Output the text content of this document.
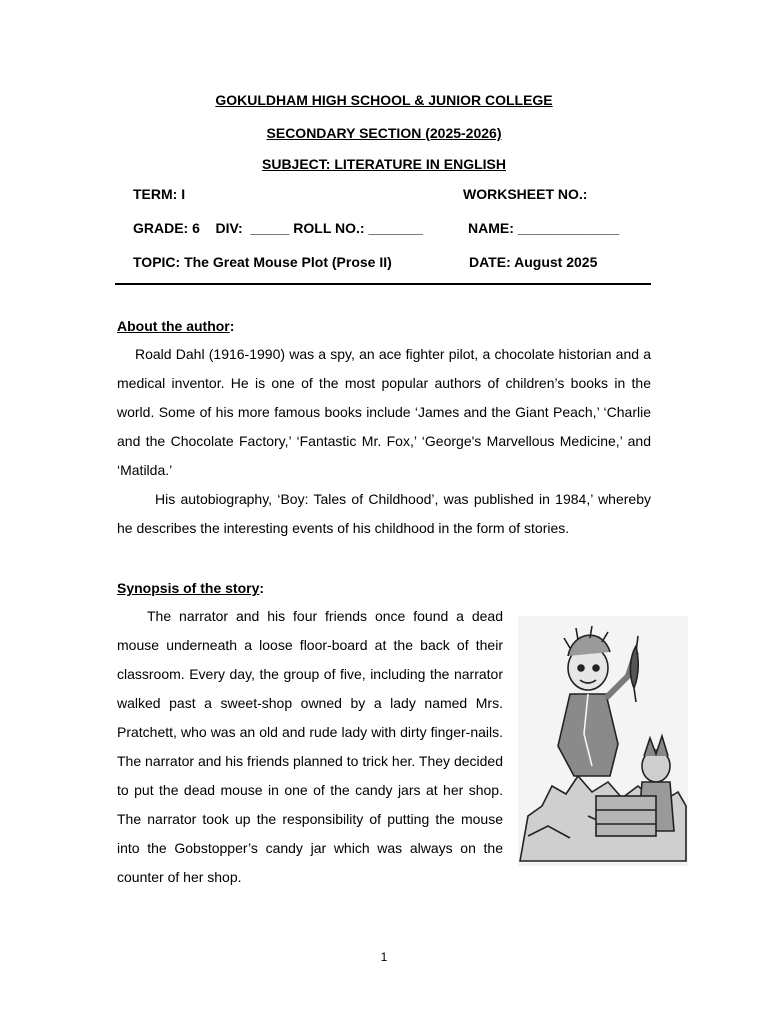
GOKULDHAM HIGH SCHOOL & JUNIOR COLLEGE
SECONDARY SECTION (2025-2026)
SUBJECT: LITERATURE IN ENGLISH
TERM: I	WORKSHEET NO.:
GRADE: 6    DIV:  _____ ROLL NO.: _______	NAME: _____________
TOPIC: The Great Mouse Plot (Prose II)	DATE: August 2025
About the author:

Roald Dahl (1916-1990) was a spy, an ace fighter pilot, a chocolate historian and a medical inventor. He is one of the most popular authors of children’s books in the world. Some of his more famous books include ‘James and the Giant Peach,’ ‘Charlie and the Chocolate Factory,’ ‘Fantastic Mr. Fox,’ ‘George's Marvellous Medicine,’ and ‘Matilda.’

His autobiography, ‘Boy: Tales of Childhood’, was published in 1984,’ whereby he describes the interesting events of his childhood in the form of stories.

Synopsis of the story:

The narrator and his four friends once found a dead mouse underneath a loose floor-board at the back of their classroom. Every day, the group of five, including the narrator walked past a sweet-shop owned by a lady named Mrs. Pratchett, who was an old and rude lady with dirty finger-nails. The narrator and his friends planned to trick her. They decided to put the dead mouse in one of the candy jars at her shop. The narrator took up the responsibility of putting the mouse into the Gobstopper’s candy jar which was always on the counter of her shop.

1
